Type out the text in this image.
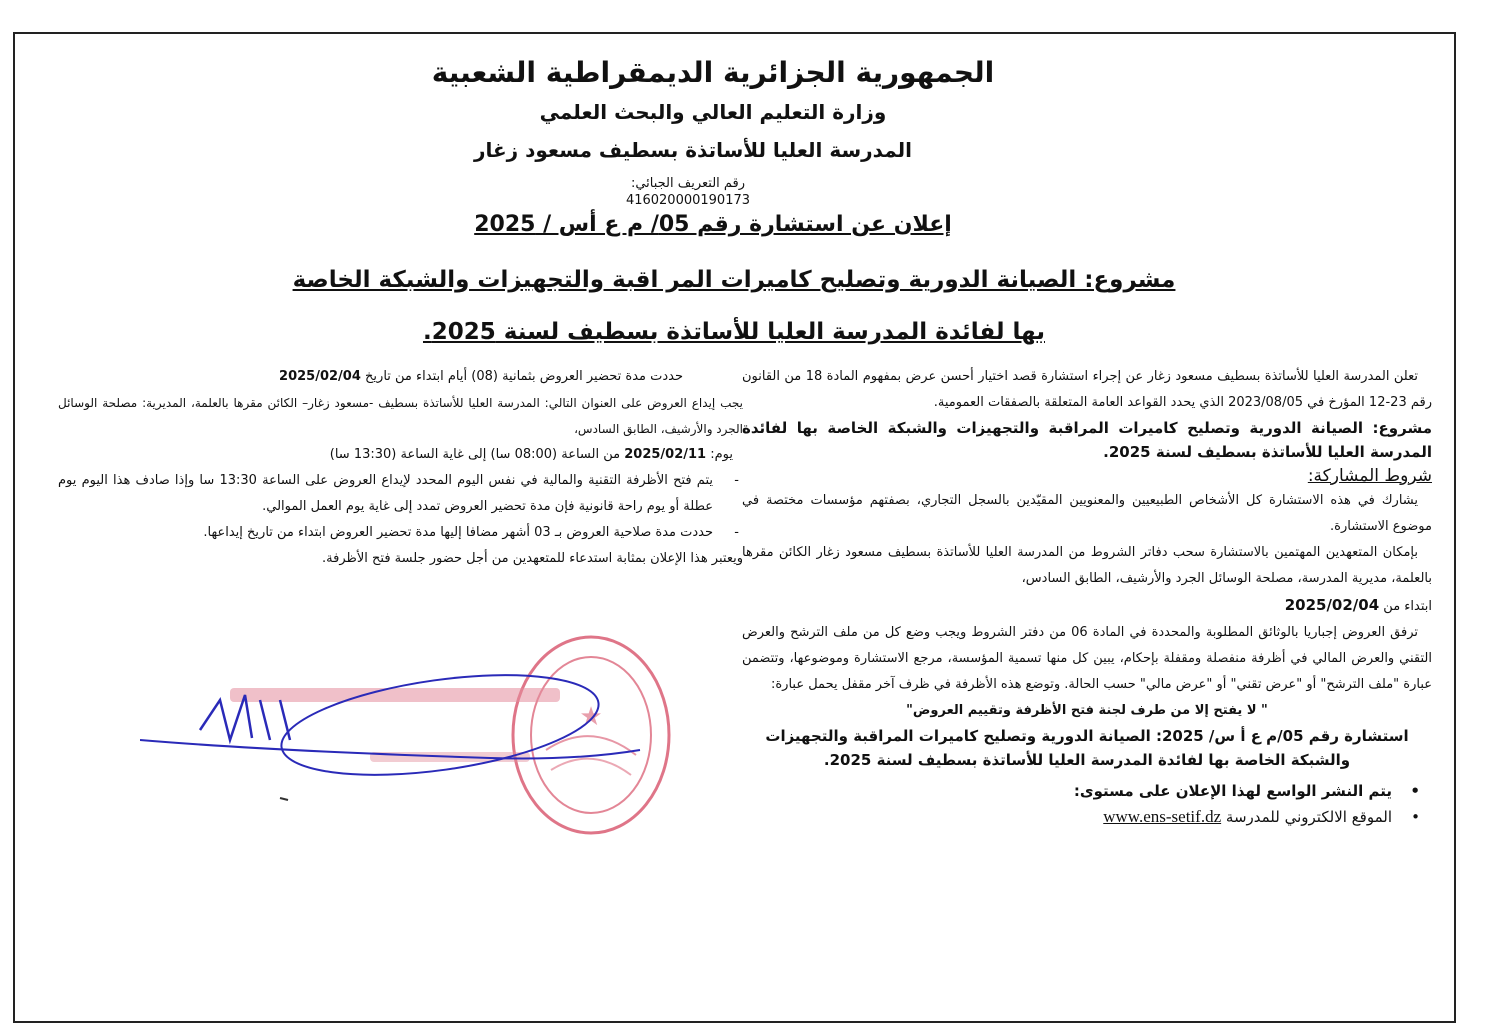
الجمهورية الجزائرية الديمقراطية الشعبية
وزارة التعليم العالي والبحث العلمي
المدرسة العليا للأساتذة بسطيف مسعود زغار
رقم التعريف الجبائي:
416020000190173
إعلان عن استشارة رقم 05/ م ع أس / 2025
مشروع: الصيانة الدورية وتصليح كاميرات المر اقبة والتجهيزات والشبكة الخاصة بها لفائدة المدرسة العليا للأساتذة بسطيف لسنة 2025.

تعلن المدرسة العليا للأساتذة بسطيف مسعود زغار عن إجراء استشارة قصد اختيار أحسن عرض بمفهوم المادة 18 من القانون رقم 23-12 المؤرخ في 2023/08/05 الذي يحدد القواعد العامة المتعلقة بالصفقات العمومية.

مشروع: الصيانة الدورية وتصليح كاميرات المراقبة والتجهيزات والشبكة الخاصة بها لفائدة المدرسة العليا للأساتذة بسطيف لسنة 2025.

شروط المشاركة:

يشارك في هذه الاستشارة كل الأشخاص الطبيعيين والمعنويين المقيّدين بالسجل التجاري، بصفتهم مؤسسات مختصة في موضوع الاستشارة.

بإمكان المتعهدين المهتمين بالاستشارة سحب دفاتر الشروط من المدرسة العليا للأساتذة بسطيف مسعود زغار الكائن مقرها بالعلمة، مديرية المدرسة، مصلحة الوسائل الجرد والأرشيف، الطابق السادس،

ابتداء من 2025/02/04

ترفق العروض إجباريا بالوثائق المطلوبة والمحددة في المادة 06 من دفتر الشروط ويجب وضع كل من ملف الترشح والعرض التقني والعرض المالي في أظرفة منفصلة ومقفلة بإحكام، يبين كل منها تسمية المؤسسة، مرجع الاستشارة وموضوعها، وتتضمن عبارة "ملف الترشح" أو "عرض تقني" أو "عرض مالي" حسب الحالة. وتوضع هذه الأظرفة في ظرف آخر مقفل يحمل عبارة:

" لا يفتح إلا من طرف لجنة فتح الأظرفة وتقييم العروض"

استشارة رقم 05/م ع أ س/ 2025: الصيانة الدورية وتصليح كاميرات المراقبة والتجهيزات والشبكة الخاصة بها لفائدة المدرسة العليا للأساتذة بسطيف لسنة 2025.

• يتم النشر الواسع لهذا الإعلان على مستوى:
• الموقع الالكتروني للمدرسة www.ens-setif.dz

حددت مدة تحضير العروض بثمانية (08) أيام ابتداء من تاريخ 2025/02/04

يجب إيداع العروض على العنوان التالي: المدرسة العليا للأساتذة بسطيف -مسعود زغار– الكائن مقرها بالعلمة، المديرية: مصلحة الوسائل الجرد والأرشيف، الطابق السادس،

يوم: 2025/02/11 من الساعة (08:00 سا) إلى غاية الساعة (13:30 سا)

- يتم فتح الأظرفة التقنية والمالية في نفس اليوم المحدد لإيداع العروض على الساعة 13:30 سا وإذا صادف هذا اليوم يوم عطلة أو يوم راحة قانونية فإن مدة تحضير العروض تمدد إلى غاية يوم العمل الموالي.
- حددت مدة صلاحية العروض بـ 03 أشهر مضافا إليها مدة تحضير العروض ابتداء من تاريخ إيداعها.

ويعتبر هذا الإعلان بمثابة استدعاء للمتعهدين من أجل حضور جلسة فتح الأظرفة.

★
